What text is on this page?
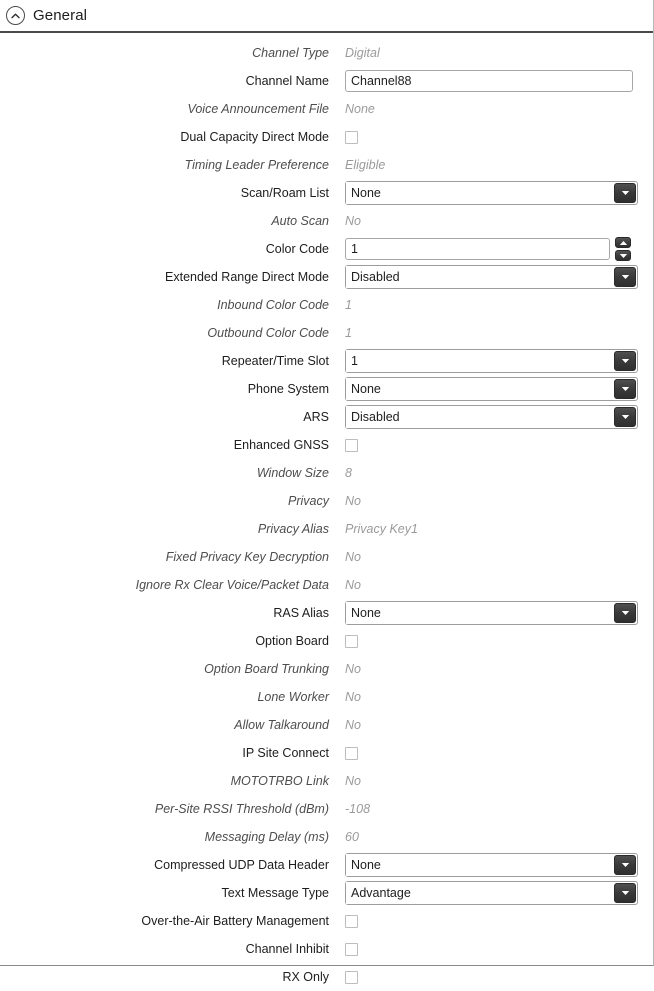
General
Channel Type	Digital
Channel Name	Channel88
Voice Announcement File	None
Dual Capacity Direct Mode
Timing Leader Preference	Eligible
Scan/Roam List	None
Auto Scan	No
Color Code	1
Extended Range Direct Mode	Disabled
Inbound Color Code	1
Outbound Color Code	1
Repeater/Time Slot	1
Phone System	None
ARS	Disabled
Enhanced GNSS
Window Size	8
Privacy	No
Privacy Alias	Privacy Key1
Fixed Privacy Key Decryption	No
Ignore Rx Clear Voice/Packet Data	No
RAS Alias	None
Option Board
Option Board Trunking	No
Lone Worker	No
Allow Talkaround	No
IP Site Connect
MOTOTRBO Link	No
Per-Site RSSI Threshold (dBm)	-108
Messaging Delay (ms)	60
Compressed UDP Data Header	None
Text Message Type	Advantage
Over-the-Air Battery Management
Channel Inhibit
RX Only
